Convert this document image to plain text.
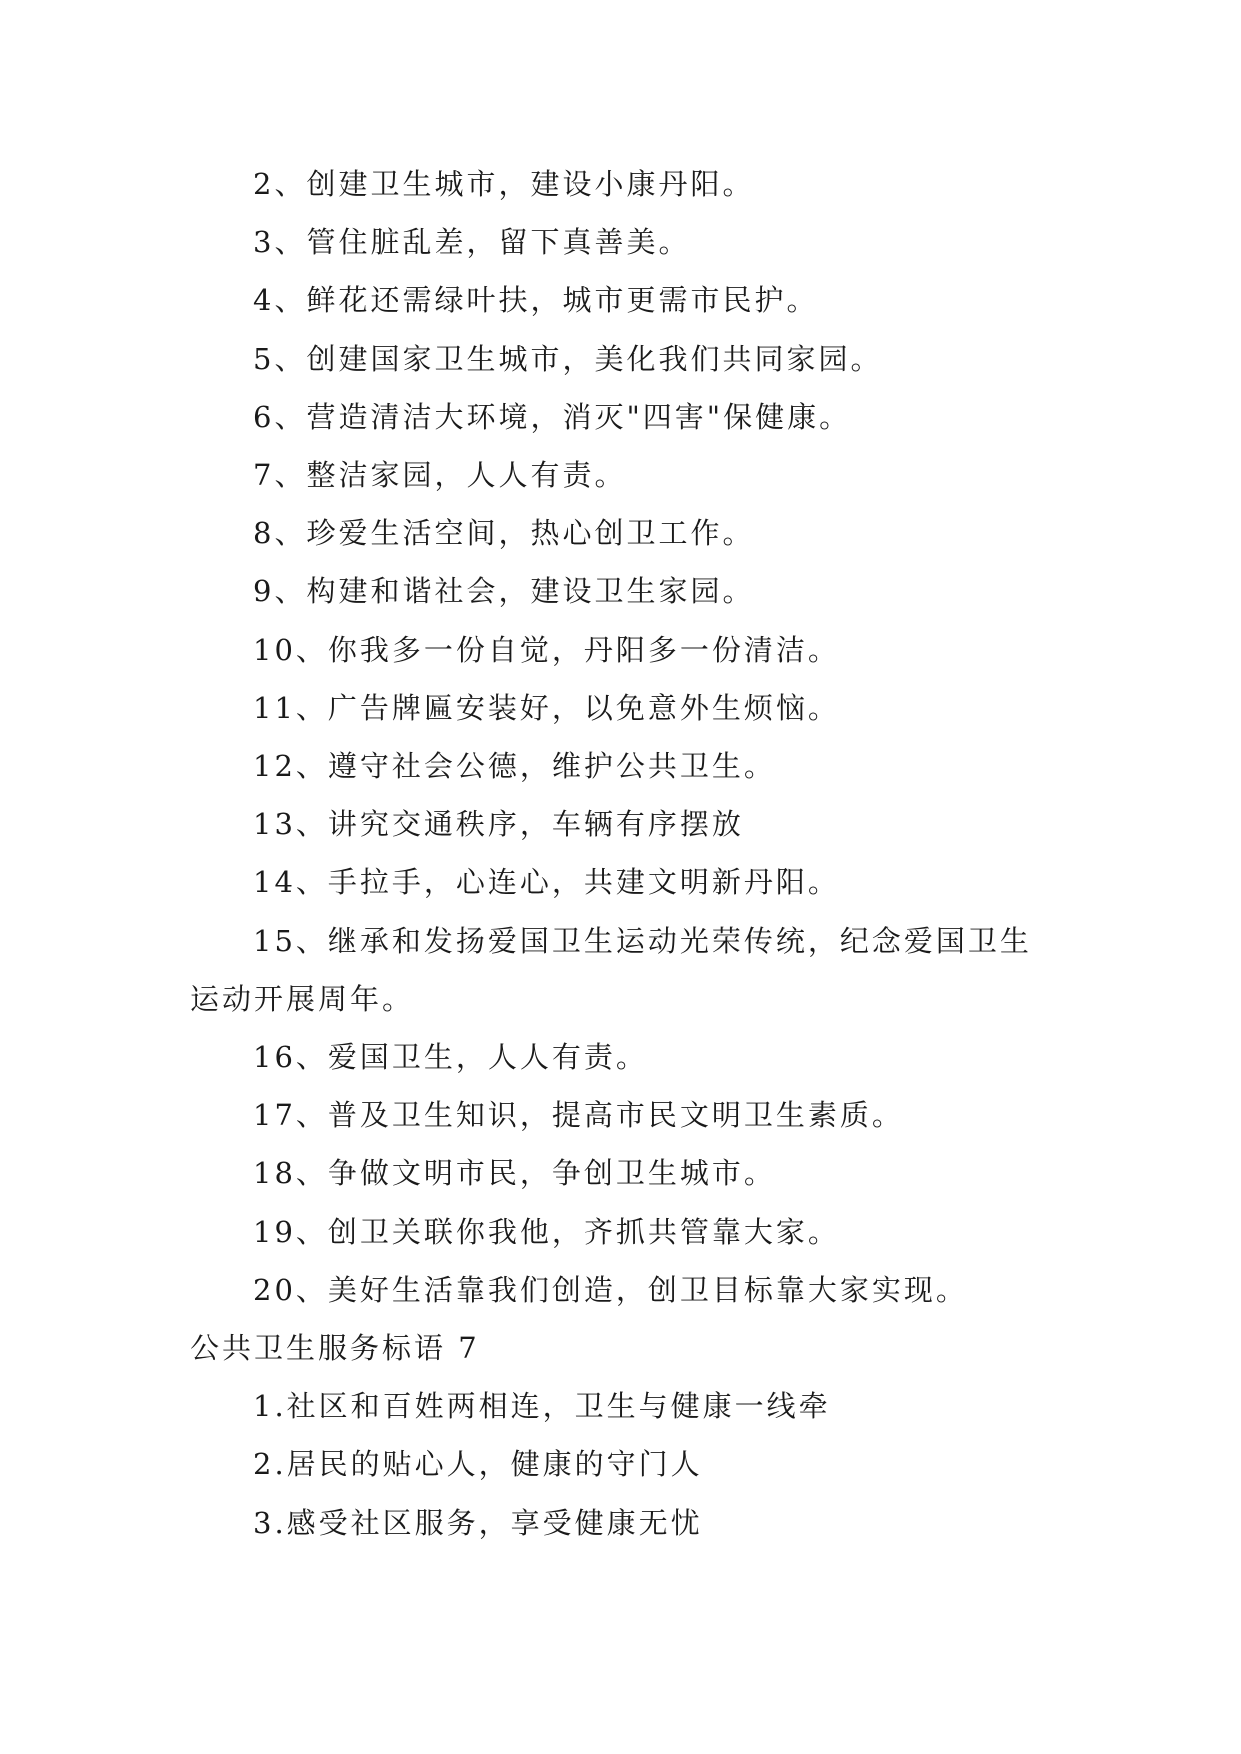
2、创建卫生城市，建设小康丹阳。
3、管住脏乱差，留下真善美。
4、鲜花还需绿叶扶，城市更需市民护。
5、创建国家卫生城市，美化我们共同家园。
6、营造清洁大环境，消灭"四害"保健康。
7、整洁家园，人人有责。
8、珍爱生活空间，热心创卫工作。
9、构建和谐社会，建设卫生家园。
10、你我多一份自觉，丹阳多一份清洁。
11、广告牌匾安装好，以免意外生烦恼。
12、遵守社会公德，维护公共卫生。
13、讲究交通秩序，车辆有序摆放
14、手拉手，心连心，共建文明新丹阳。
15、继承和发扬爱国卫生运动光荣传统，纪念爱国卫生
运动开展周年。
16、爱国卫生，人人有责。
17、普及卫生知识，提高市民文明卫生素质。
18、争做文明市民，争创卫生城市。
19、创卫关联你我他，齐抓共管靠大家。
20、美好生活靠我们创造，创卫目标靠大家实现。
公共卫生服务标语 7
1.社区和百姓两相连，卫生与健康一线牵
2.居民的贴心人，健康的守门人
3.感受社区服务，享受健康无忧
